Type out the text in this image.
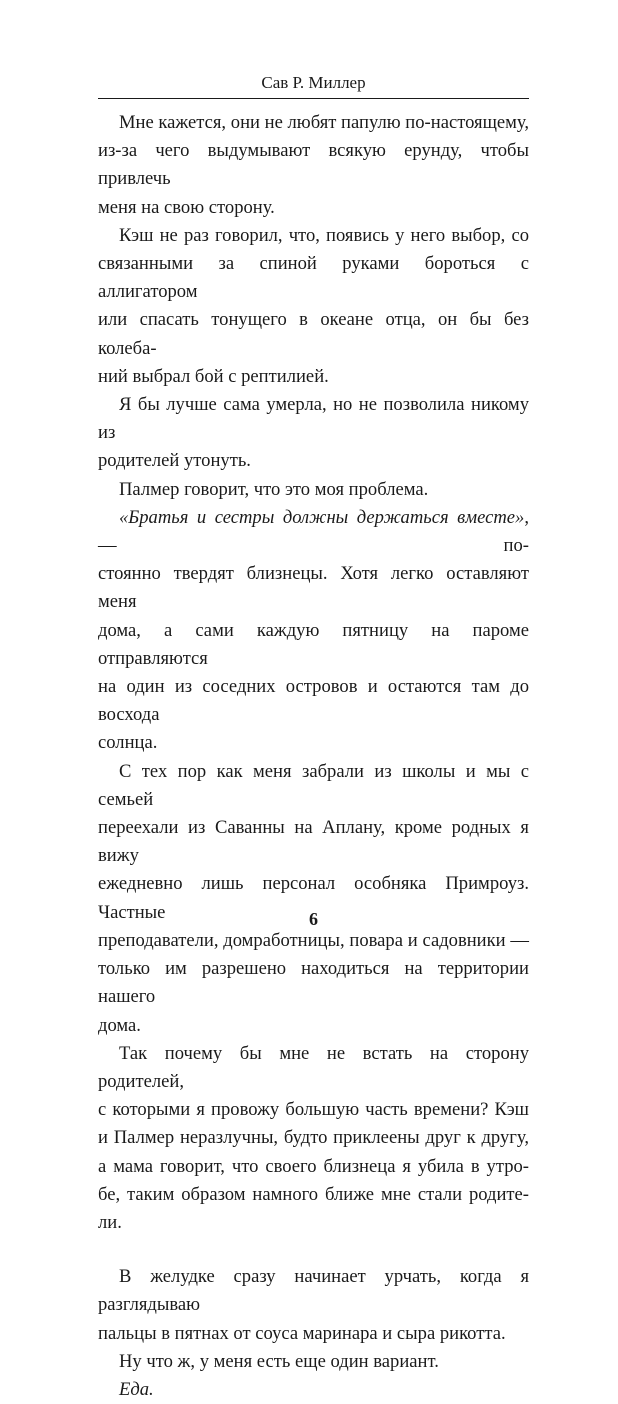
Сав Р. Миллер

Мне кажется, они не любят папулю по-настоящему,
из-за чего выдумывают всякую ерунду, чтобы привлечь
меня на свою сторону.

Кэш не раз говорил, что, появись у него выбор, со
связанными за спиной руками бороться с аллигатором
или спасать тонущего в океане отца, он бы без колеба-
ний выбрал бой с рептилией.

Я бы лучше сама умерла, но не позволила никому из
родителей утонуть.

Палмер говорит, что это моя проблема.

«Братья и сестры должны держаться вместе», — по-
стоянно твердят близнецы. Хотя легко оставляют меня
дома, а сами каждую пятницу на пароме отправляются
на один из соседних островов и остаются там до восхода
солнца.

С тех пор как меня забрали из школы и мы с семьей
переехали из Саванны на Аплану, кроме родных я вижу
ежедневно лишь персонал особняка Примроуз. Частные
преподаватели, домработницы, повара и садовники —
только им разрешено находиться на территории нашего
дома.

Так почему бы мне не встать на сторону родителей,
с которыми я провожу большую часть времени? Кэш
и Палмер неразлучны, будто приклеены друг к другу,
а мама говорит, что своего близнеца я убила в утро-
бе, таким образом намного ближе мне стали родите-
ли.

В желудке сразу начинает урчать, когда я разглядываю
пальцы в пятнах от соуса маринара и сыра рикотта.

Ну что ж, у меня есть еще один вариант.

Еда.

6
